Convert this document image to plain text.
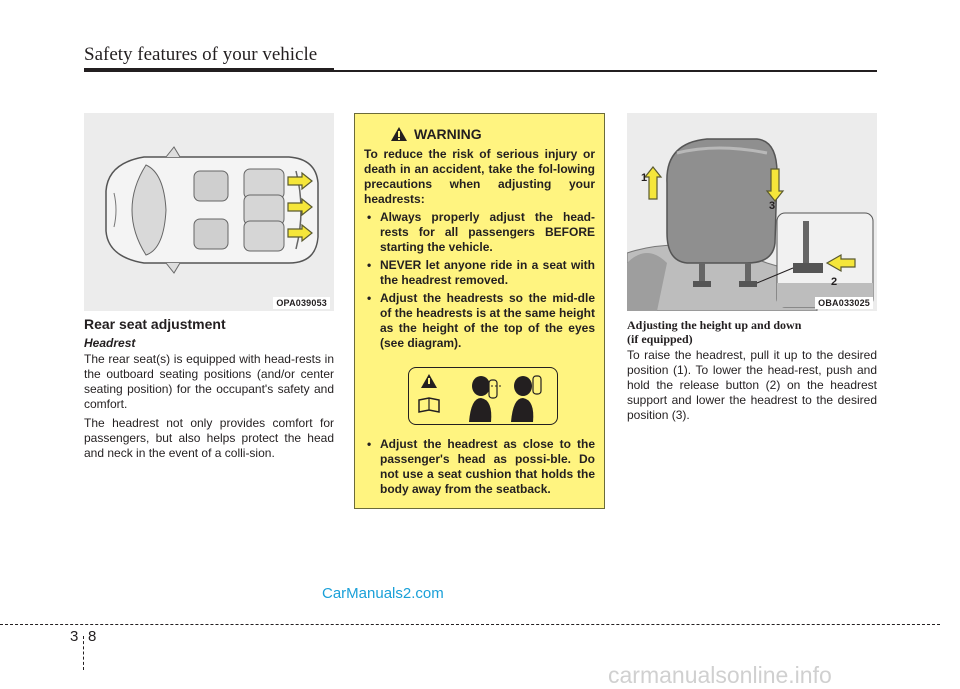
Safety features of your vehicle
OPA039053
Rear seat adjustment
Headrest

The rear seat(s) is equipped with head-rests in the outboard seating positions (and/or center seating position) for the occupant's safety and comfort.

The headrest not only provides comfort for passengers, but also helps protect the head and neck in the event of a colli-sion.

WARNING

To reduce the risk of serious injury or death in an accident, take the fol-lowing precautions when adjusting your headrests:

• Always properly adjust the head-rests for all passengers BEFORE starting the vehicle.
• NEVER let anyone ride in a seat with the headrest removed.
• Adjust the headrests so the mid-dle of the headrests is at the same height as the height of the top of the eyes (see diagram).
• Adjust the headrest as close to the passenger's head as possi-ble. Do not use a seat cushion that holds the body away from the seatback.
1
3
2
OBA033025
Adjusting the height up and down
(if equipped)

To raise the headrest, pull it up to the desired position (1). To lower the head-rest, push and hold the release button (2) on the headrest support and lower the headrest to the desired position (3).

CarManuals2.com
3 8
carmanualsonline.info
